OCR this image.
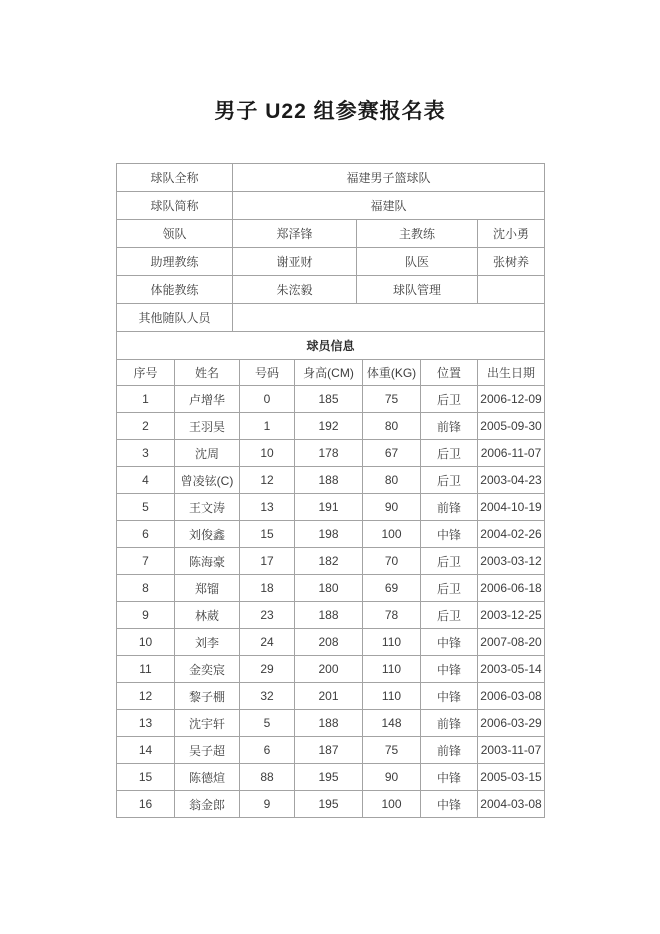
男子 U22 组参赛报名表
球队全称	福建男子篮球队		
球队简称	福建队		
领队	郑泽锋	主教练	沈小勇
助理教练	谢亚财	队医	张树养
体能教练	朱浤毅	球队管理	
其他随队人员			
球员信息			
序号	姓名	号码	身高(CM)	体重(KG)	位置	出生日期
1	卢增华	0	185	75	后卫	2006-12-09
2	王羽昊	1	192	80	前锋	2005-09-30
3	沈周	10	178	67	后卫	2006-11-07
4	曾凌铉(C)	12	188	80	后卫	2003-04-23
5	王文涛	13	191	90	前锋	2004-10-19
6	刘俊鑫	15	198	100	中锋	2004-02-26
7	陈海豪	17	182	70	后卫	2003-03-12
8	郑镏	18	180	69	后卫	2006-06-18
9	林葳	23	188	78	后卫	2003-12-25
10	刘李	24	208	110	中锋	2007-08-20
11	金奕宸	29	200	110	中锋	2003-05-14
12	黎子棚	32	201	110	中锋	2006-03-08
13	沈宇轩	5	188	148	前锋	2006-03-29
14	吴子超	6	187	75	前锋	2003-11-07
15	陈德煊	88	195	90	中锋	2005-03-15
16	翁金郎	9	195	100	中锋	2004-03-08
